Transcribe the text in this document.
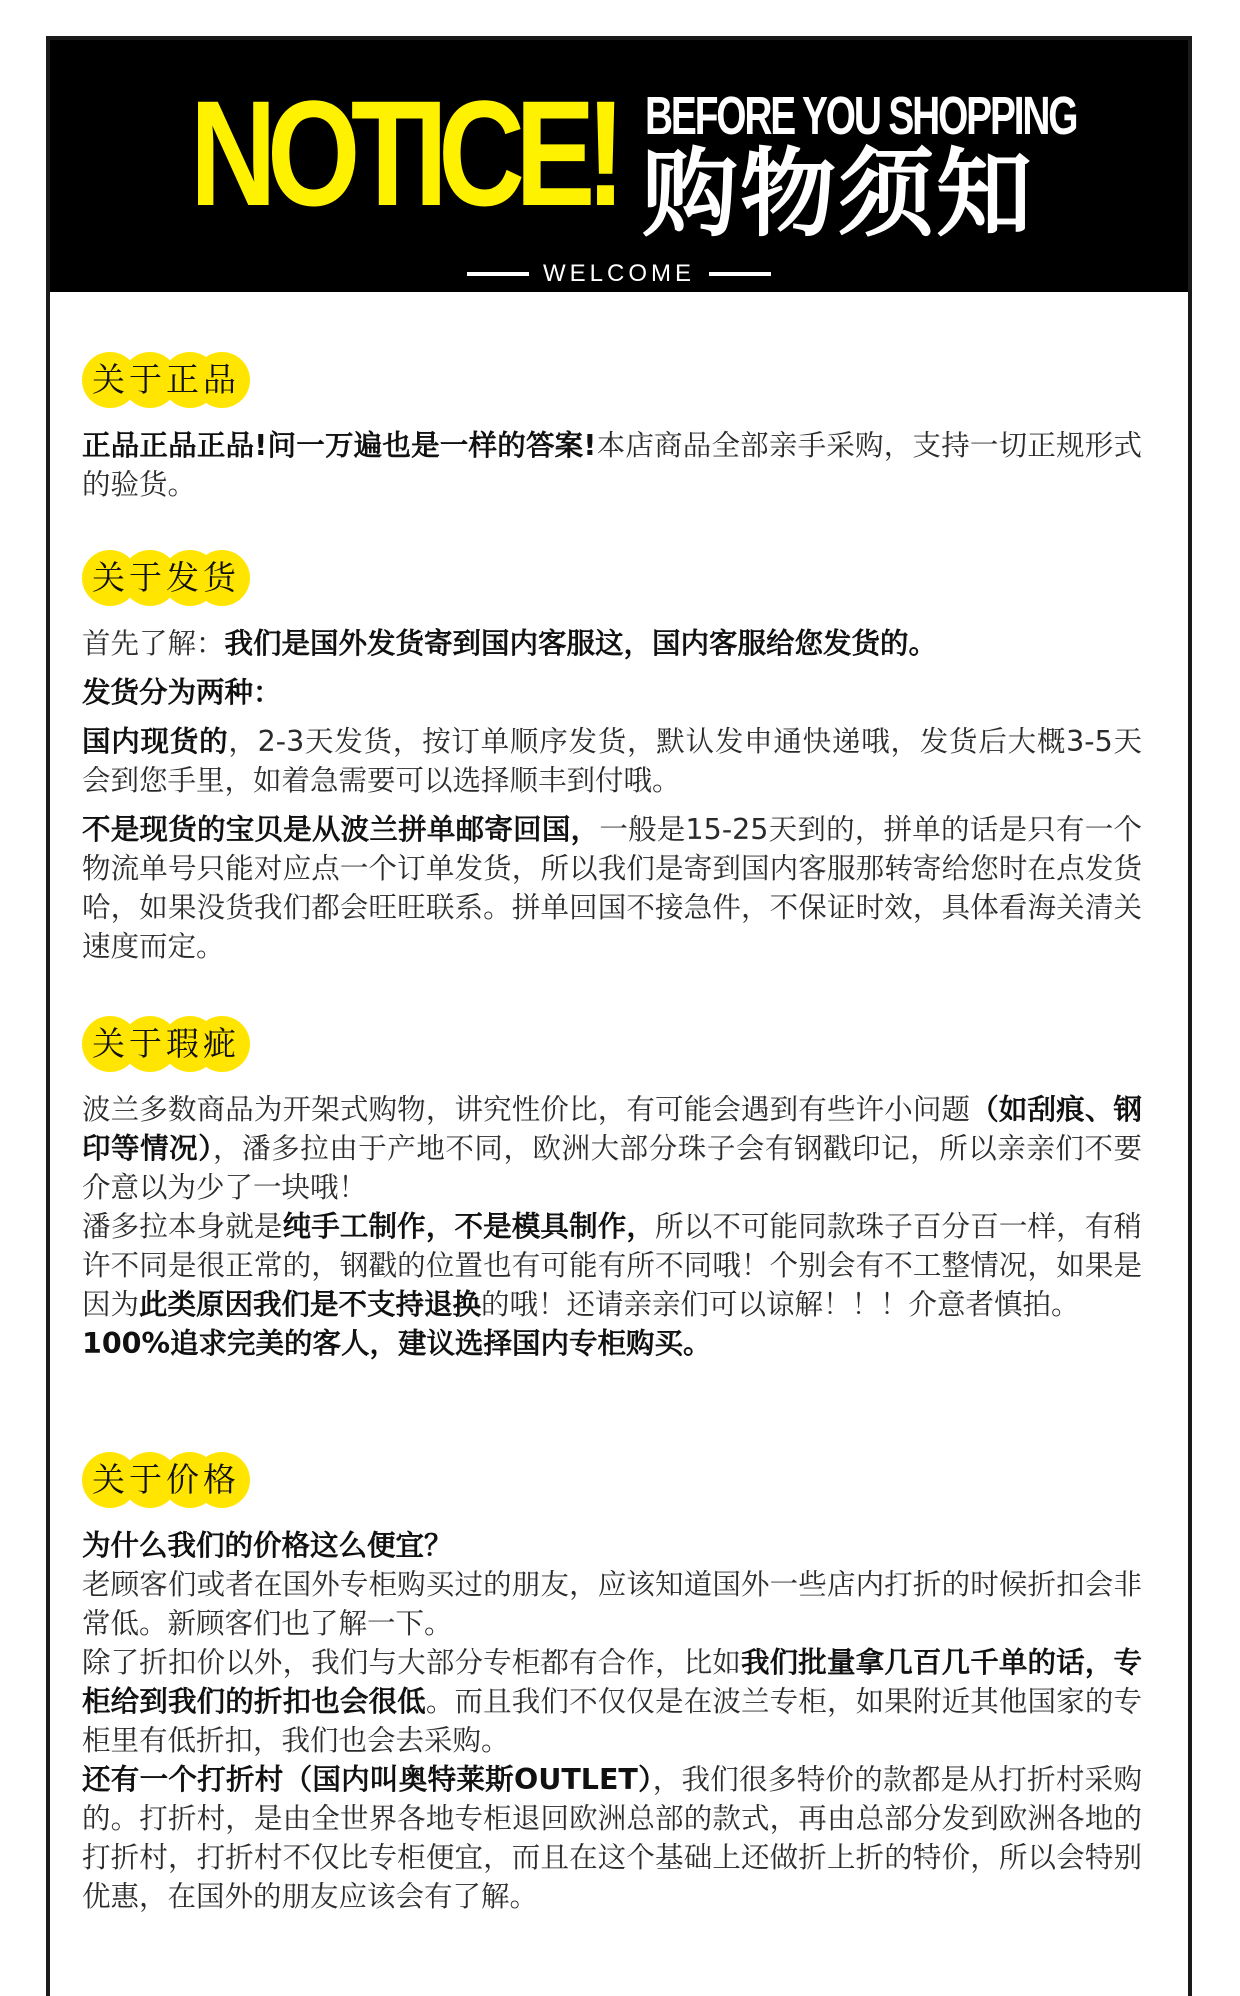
NOTICE! BEFORE YOU SHOPPING
购物须知
WELCOME
关于正品

正品正品正品!问一万遍也是一样的答案!本店商品全部亲手采购，支持一切正规形式的验货。

关于发货

首先了解：我们是国外发货寄到国内客服这，国内客服给您发货的。

发货分为两种：

国内现货的，2-3天发货，按订单顺序发货，默认发申通快递哦，发货后大概3-5天会到您手里，如着急需要可以选择顺丰到付哦。

不是现货的宝贝是从波兰拼单邮寄回国，一般是15-25天到的，拼单的话是只有一个物流单号只能对应点一个订单发货，所以我们是寄到国内客服那转寄给您时在点发货哈，如果没货我们都会旺旺联系。拼单回国不接急件，不保证时效，具体看海关清关速度而定。

关于瑕疵

波兰多数商品为开架式购物，讲究性价比，有可能会遇到有些许小问题（如刮痕、钢印等情况），潘多拉由于产地不同，欧洲大部分珠子会有钢戳印记，所以亲亲们不要介意以为少了一块哦！

潘多拉本身就是纯手工制作，不是模具制作，所以不可能同款珠子百分百一样，有稍许不同是很正常的，钢戳的位置也有可能有所不同哦！个别会有不工整情况，如果是因为此类原因我们是不支持退换的哦！还请亲亲们可以谅解！！！介意者慎拍。

100%追求完美的客人，建议选择国内专柜购买。

关于价格

为什么我们的价格这么便宜？

老顾客们或者在国外专柜购买过的朋友，应该知道国外一些店内打折的时候折扣会非常低。新顾客们也了解一下。

除了折扣价以外，我们与大部分专柜都有合作，比如我们批量拿几百几千单的话，专柜给到我们的折扣也会很低。而且我们不仅仅是在波兰专柜，如果附近其他国家的专柜里有低折扣，我们也会去采购。

还有一个打折村（国内叫奥特莱斯OUTLET），我们很多特价的款都是从打折村采购的。打折村，是由全世界各地专柜退回欧洲总部的款式，再由总部分发到欧洲各地的打折村，打折村不仅比专柜便宜，而且在这个基础上还做折上折的特价，所以会特别优惠，在国外的朋友应该会有了解。
